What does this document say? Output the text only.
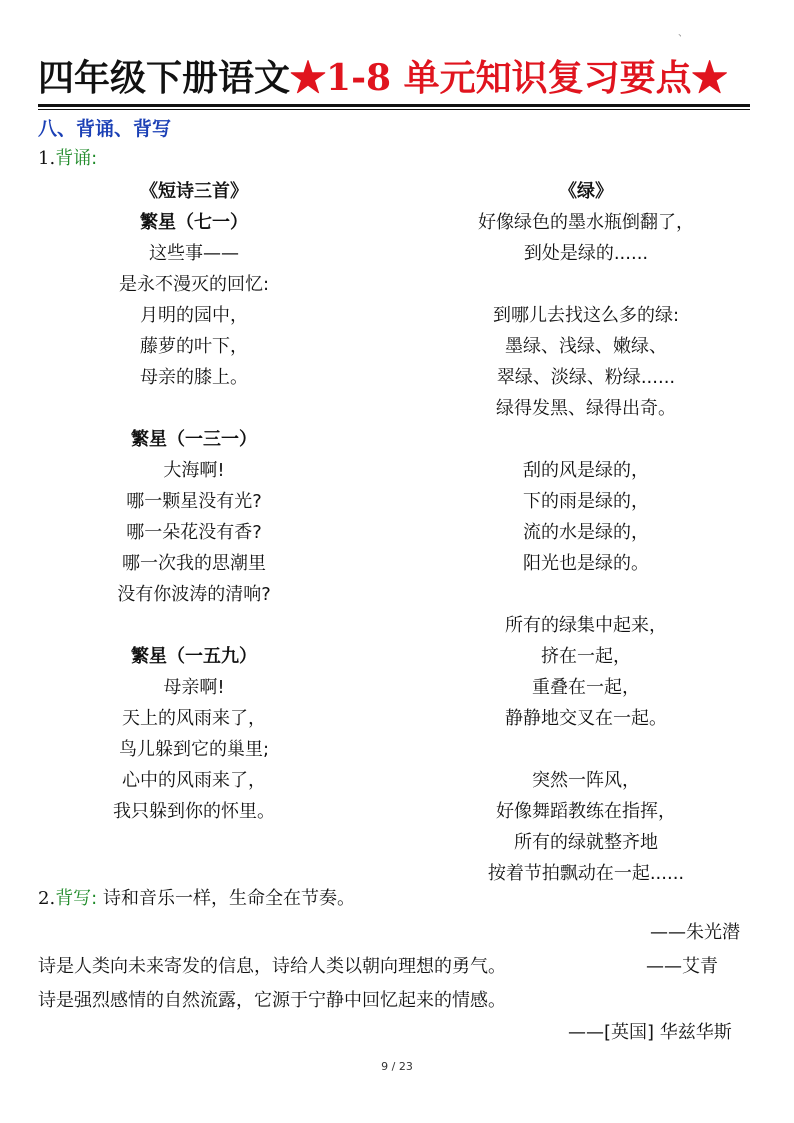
、
四年级下册语文★1-8 单元知识复习要点★
八、背诵、背写
1.背诵:
《短诗三首》
繁星（七一）
这些事——
是永不漫灭的回忆:
月明的园中，
藤萝的叶下，
母亲的膝上。
繁星（一三一）
大海啊!
哪一颗星没有光?
哪一朵花没有香?
哪一次我的思潮里
没有你波涛的清响?
繁星（一五九）
母亲啊!
天上的风雨来了，
鸟儿躲到它的巢里;
心中的风雨来了，
我只躲到你的怀里。
《绿》
好像绿色的墨水瓶倒翻了，
到处是绿的......
到哪儿去找这么多的绿:
墨绿、浅绿、嫩绿、
翠绿、淡绿、粉绿......
绿得发黑、绿得出奇。
刮的风是绿的，
下的雨是绿的，
流的水是绿的，
阳光也是绿的。
所有的绿集中起来，
挤在一起，
重叠在一起，
静静地交叉在一起。
突然一阵风，
好像舞蹈教练在指挥，
所有的绿就整齐地
按着节拍飘动在一起......
2.背写: 诗和音乐一样，生命全在节奏。
——朱光潜
诗是人类向未来寄发的信息，诗给人类以朝向理想的勇气。	——艾青
诗是强烈感情的自然流露，它源于宁静中回忆起来的情感。
——[英国] 华兹华斯
9 / 23
